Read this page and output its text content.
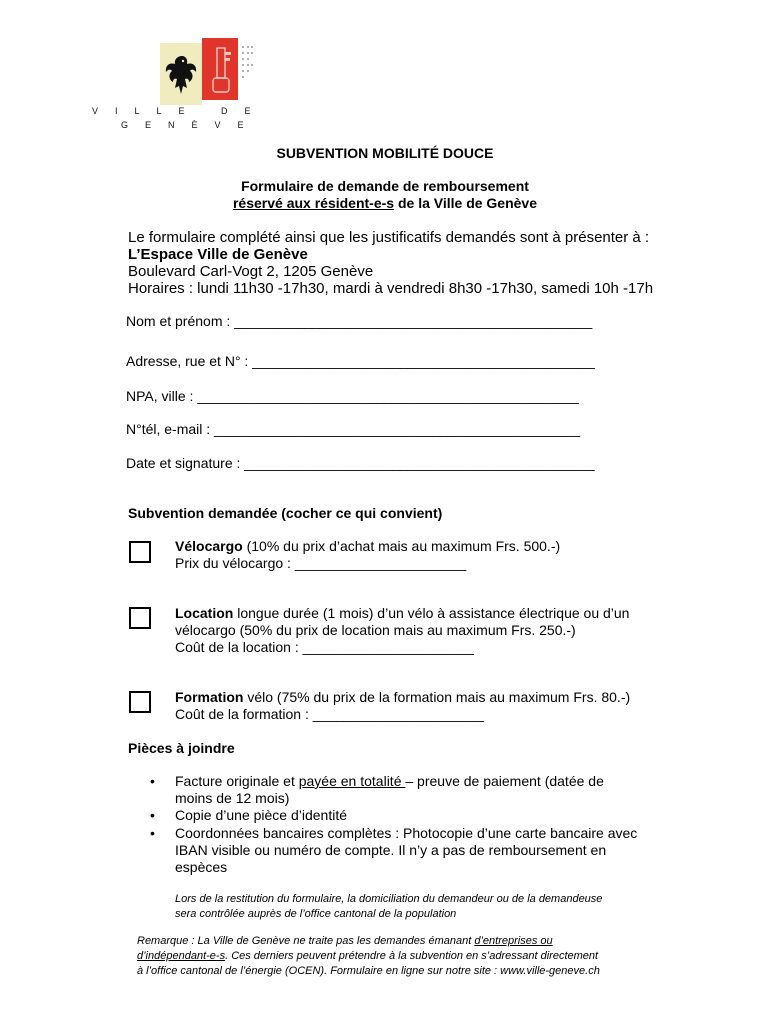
VILLE DE
GENÈVE
SUBVENTION MOBILITÉ DOUCE
Formulaire de demande de remboursement
réservé aux résident-e-s de la Ville de Genève
Le formulaire complété ainsi que les justificatifs demandés sont à présenter à :
L’Espace Ville de Genève
Boulevard Carl-Vogt 2, 1205 Genève
Horaires : lundi 11h30 -17h30, mardi à vendredi 8h30 -17h30, samedi 10h -17h
Nom et prénom : ______________________________________________
Adresse, rue et N° : ____________________________________________
NPA, ville : _________________________________________________
N°tél, e-mail : _______________________________________________
Date et signature : _____________________________________________
Subvention demandée (cocher ce qui convient)
Vélocargo (10% du prix d’achat mais au maximum Frs. 500.-)
Prix du vélocargo : ______________________
Location longue durée (1 mois) d’un vélo à assistance électrique ou d’un
vélocargo (50% du prix de location mais au maximum Frs. 250.-)
Coût de la location : ______________________
Formation vélo (75% du prix de la formation mais au maximum Frs. 80.-)
Coût de la formation : ______________________
Pièces à joindre
• Facture originale et payée en totalité – preuve de paiement (datée de
moins de 12 mois)
• Copie d’une pièce d’identité
• Coordonnées bancaires complètes : Photocopie d’une carte bancaire avec
IBAN visible ou numéro de compte. Il n’y a pas de remboursement en
espèces
Lors de la restitution du formulaire, la domiciliation du demandeur ou de la demandeuse
sera contrôlée auprès de l’office cantonal de la population
Remarque : La Ville de Genève ne traite pas les demandes émanant d’entreprises ou
d’indépendant-e-s. Ces derniers peuvent prétendre à la subvention en s’adressant directement
à l’office cantonal de l’énergie (OCEN). Formulaire en ligne sur notre site : www.ville-geneve.ch
